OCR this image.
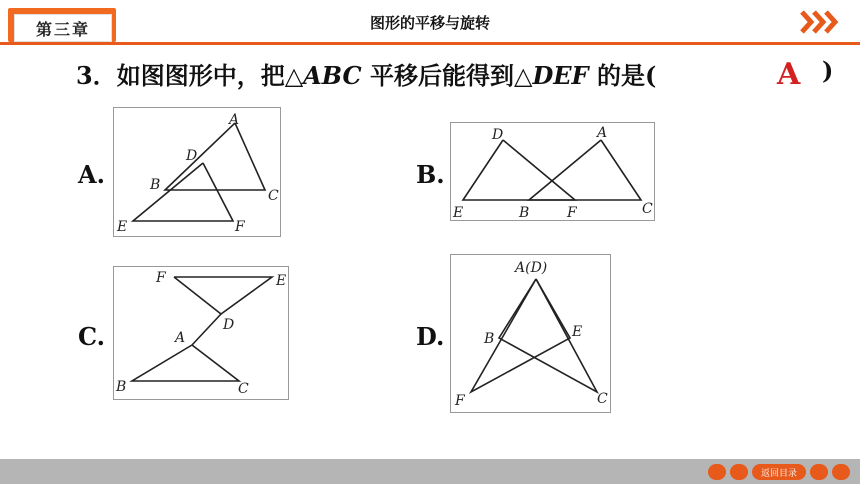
第三章	图形的平移与旋转
3．如图图形中，把△ABC 平移后能得到△DEF 的是(	A )
A.
A
B
C
D
E	F
B.
A
B	C
D
E	F
C.	A
B	C
D
E
F
D.
A(D)
B
C
E
F
返回目录
